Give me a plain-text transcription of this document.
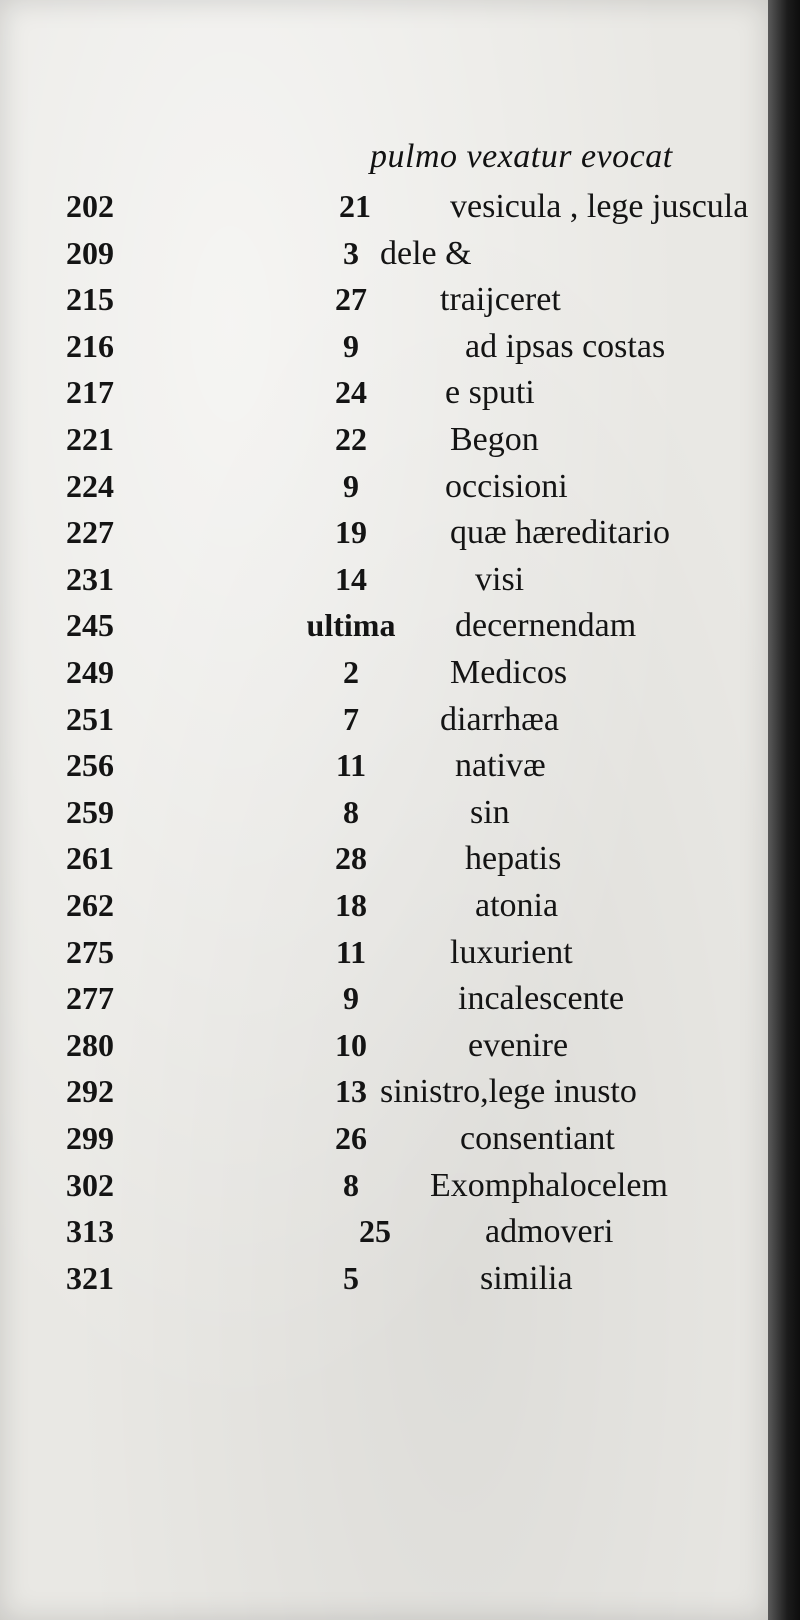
pulmo vexatur evocat
202	21	vesicula , lege juscula
209	3 dele &
215	27	traijceret
216	9	ad ipsas costas
217	24	e sputi
221	22	Begon
224	9	occisioni
227	19	quæ hæreditario
231	14	visi
245	ultima	decernendam
249	2	Medicos
251	7	diarrhæa
256	11	nativæ
259	8	sin
261	28	hepatis
262	18	atonia
275	11	luxurient
277	9	incalescente
280	10	evenire
292	13 sinistro,lege inusto
299	26	consentiant
302	8	Exomphalocelem
313	25	admoveri
321	5	similia
